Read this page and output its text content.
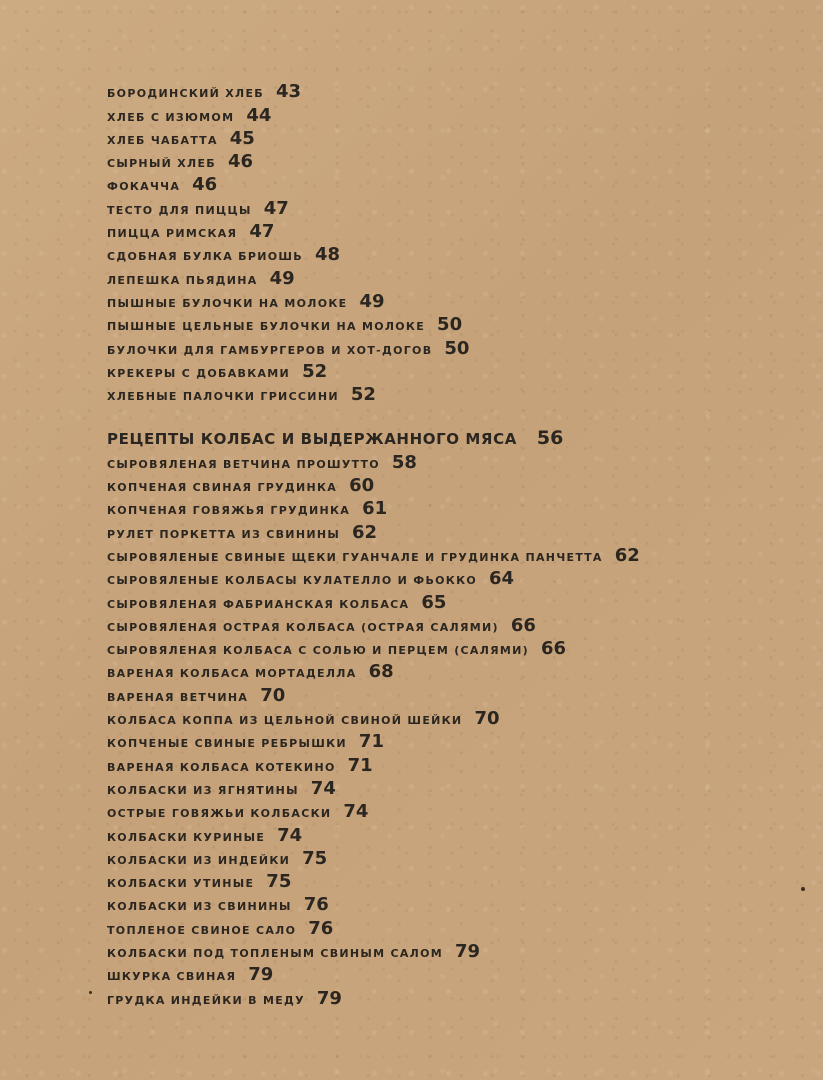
БОРОДИНСКИЙ ХЛЕБ 43
ХЛЕБ С ИЗЮМОМ 44
ХЛЕБ ЧАБАТТА 45
СЫРНЫЙ ХЛЕБ 46
ФОКАЧЧА 46
ТЕСТО ДЛЯ ПИЦЦЫ 47
ПИЦЦА РИМСКАЯ 47
СДОБНАЯ БУЛКА БРИОШЬ 48
ЛЕПЕШКА ПЬЯДИНА 49
ПЫШНЫЕ БУЛОЧКИ НА МОЛОКЕ 49
ПЫШНЫЕ ЦЕЛЬНЫЕ БУЛОЧКИ НА МОЛОКЕ 50
БУЛОЧКИ ДЛЯ ГАМБУРГЕРОВ И ХОТ-ДОГОВ 50
КРЕКЕРЫ С ДОБАВКАМИ 52
ХЛЕБНЫЕ ПАЛОЧКИ ГРИССИНИ 52
РЕЦЕПТЫ КОЛБАС И ВЫДЕРЖАННОГО МЯСА 56
СЫРОВЯЛЕНАЯ ВЕТЧИНА ПРОШУТТО 58
КОПЧЕНАЯ СВИНАЯ ГРУДИНКА 60
КОПЧЕНАЯ ГОВЯЖЬЯ ГРУДИНКА 61
РУЛЕТ ПОРКЕТТА ИЗ СВИНИНЫ 62
СЫРОВЯЛЕНЫЕ СВИНЫЕ ЩЕКИ ГУАНЧАЛЕ И ГРУДИНКА ПАНЧЕТТА 62
СЫРОВЯЛЕНЫЕ КОЛБАСЫ КУЛАТЕЛЛО И ФЬОККО 64
СЫРОВЯЛЕНАЯ ФАБРИАНСКАЯ КОЛБАСА 65
СЫРОВЯЛЕНАЯ ОСТРАЯ КОЛБАСА (ОСТРАЯ САЛЯМИ) 66
СЫРОВЯЛЕНАЯ КОЛБАСА С СОЛЬЮ И ПЕРЦЕМ (САЛЯМИ) 66
ВАРЕНАЯ КОЛБАСА МОРТАДЕЛЛА 68
ВАРЕНАЯ ВЕТЧИНА 70
КОЛБАСА КОППА ИЗ ЦЕЛЬНОЙ СВИНОЙ ШЕЙКИ 70
КОПЧЕНЫЕ СВИНЫЕ РЕБРЫШКИ 71
ВАРЕНАЯ КОЛБАСА КОТЕКИНО 71
КОЛБАСКИ ИЗ ЯГНЯТИНЫ 74
ОСТРЫЕ ГОВЯЖЬИ КОЛБАСКИ 74
КОЛБАСКИ КУРИНЫЕ 74
КОЛБАСКИ ИЗ ИНДЕЙКИ 75
КОЛБАСКИ УТИНЫЕ 75
КОЛБАСКИ ИЗ СВИНИНЫ 76
ТОПЛЕНОЕ СВИНОЕ САЛО 76
КОЛБАСКИ ПОД ТОПЛЕНЫМ СВИНЫМ САЛОМ 79
ШКУРКА СВИНАЯ 79
ГРУДКА ИНДЕЙКИ В МЕДУ 79
